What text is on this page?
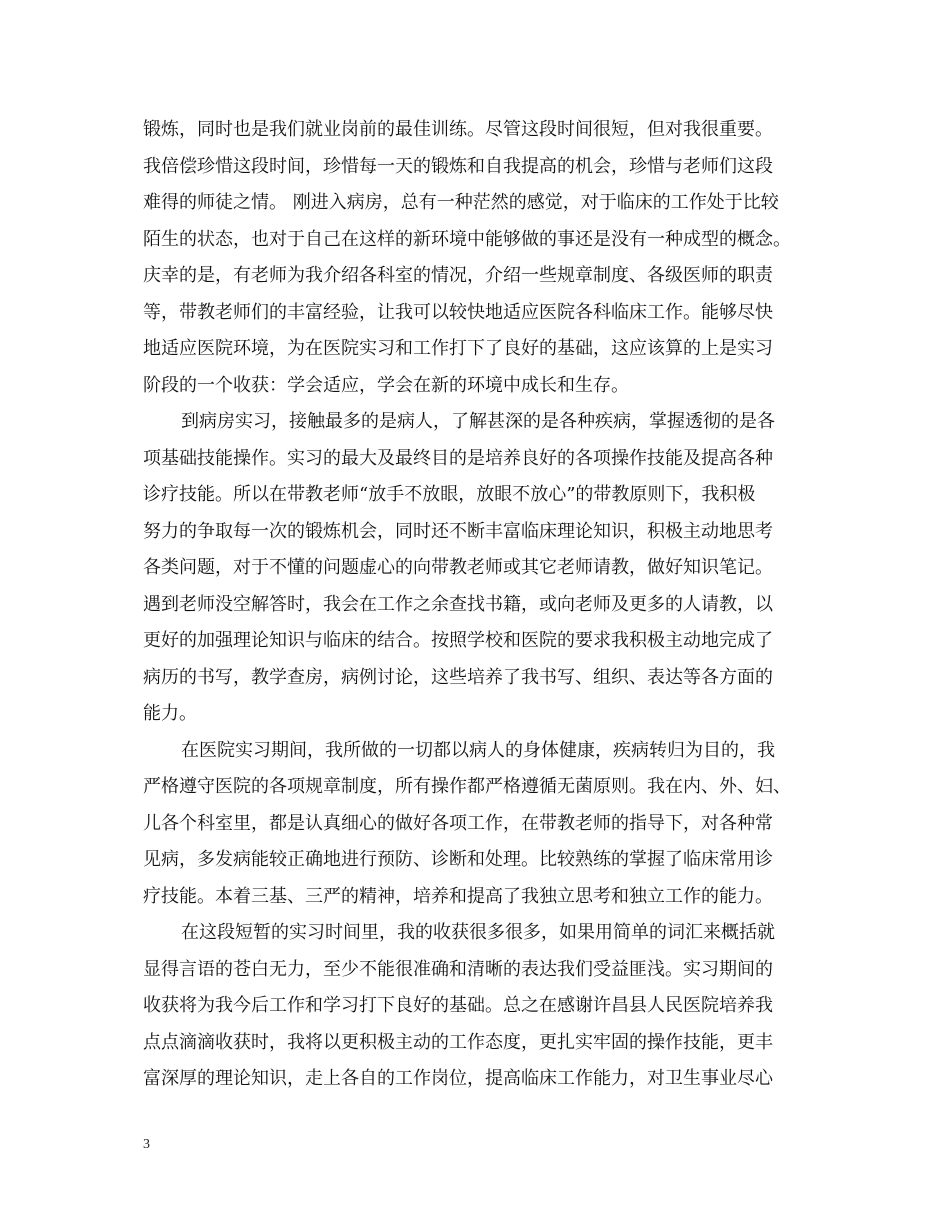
锻炼，同时也是我们就业岗前的最佳训练。尽管这段时间很短，但对我很重要。
我倍偿珍惜这段时间，珍惜每一天的锻炼和自我提高的机会，珍惜与老师们这段
难得的师徒之情。 刚进入病房，总有一种茫然的感觉，对于临床的工作处于比较
陌生的状态，也对于自己在这样的新环境中能够做的事还是没有一种成型的概念。
庆幸的是，有老师为我介绍各科室的情况，介绍一些规章制度、各级医师的职责
等，带教老师们的丰富经验，让我可以较快地适应医院各科临床工作。能够尽快
地适应医院环境，为在医院实习和工作打下了良好的基础，这应该算的上是实习
阶段的一个收获：学会适应，学会在新的环境中成长和生存。
到病房实习，接触最多的是病人，了解甚深的是各种疾病，掌握透彻的是各
项基础技能操作。实习的最大及最终目的是培养良好的各项操作技能及提高各种
诊疗技能。所以在带教老师“放手不放眼，放眼不放心”的带教原则下，我积极
努力的争取每一次的锻炼机会，同时还不断丰富临床理论知识，积极主动地思考
各类问题，对于不懂的问题虚心的向带教老师或其它老师请教，做好知识笔记。
遇到老师没空解答时，我会在工作之余查找书籍，或向老师及更多的人请教，以
更好的加强理论知识与临床的结合。按照学校和医院的要求我积极主动地完成了
病历的书写，教学查房，病例讨论，这些培养了我书写、组织、表达等各方面的
能力。
在医院实习期间，我所做的一切都以病人的身体健康，疾病转归为目的，我
严格遵守医院的各项规章制度，所有操作都严格遵循无菌原则。我在内、外、妇、
儿各个科室里，都是认真细心的做好各项工作，在带教老师的指导下，对各种常
见病，多发病能较正确地进行预防、诊断和处理。比较熟练的掌握了临床常用诊
疗技能。本着三基、三严的精神，培养和提高了我独立思考和独立工作的能力。
在这段短暂的实习时间里，我的收获很多很多，如果用简单的词汇来概括就
显得言语的苍白无力，至少不能很准确和清晰的表达我们受益匪浅。实习期间的
收获将为我今后工作和学习打下良好的基础。总之在感谢许昌县人民医院培养我
点点滴滴收获时，我将以更积极主动的工作态度，更扎实牢固的操作技能，更丰
富深厚的理论知识，走上各自的工作岗位，提高临床工作能力，对卫生事业尽心
3
